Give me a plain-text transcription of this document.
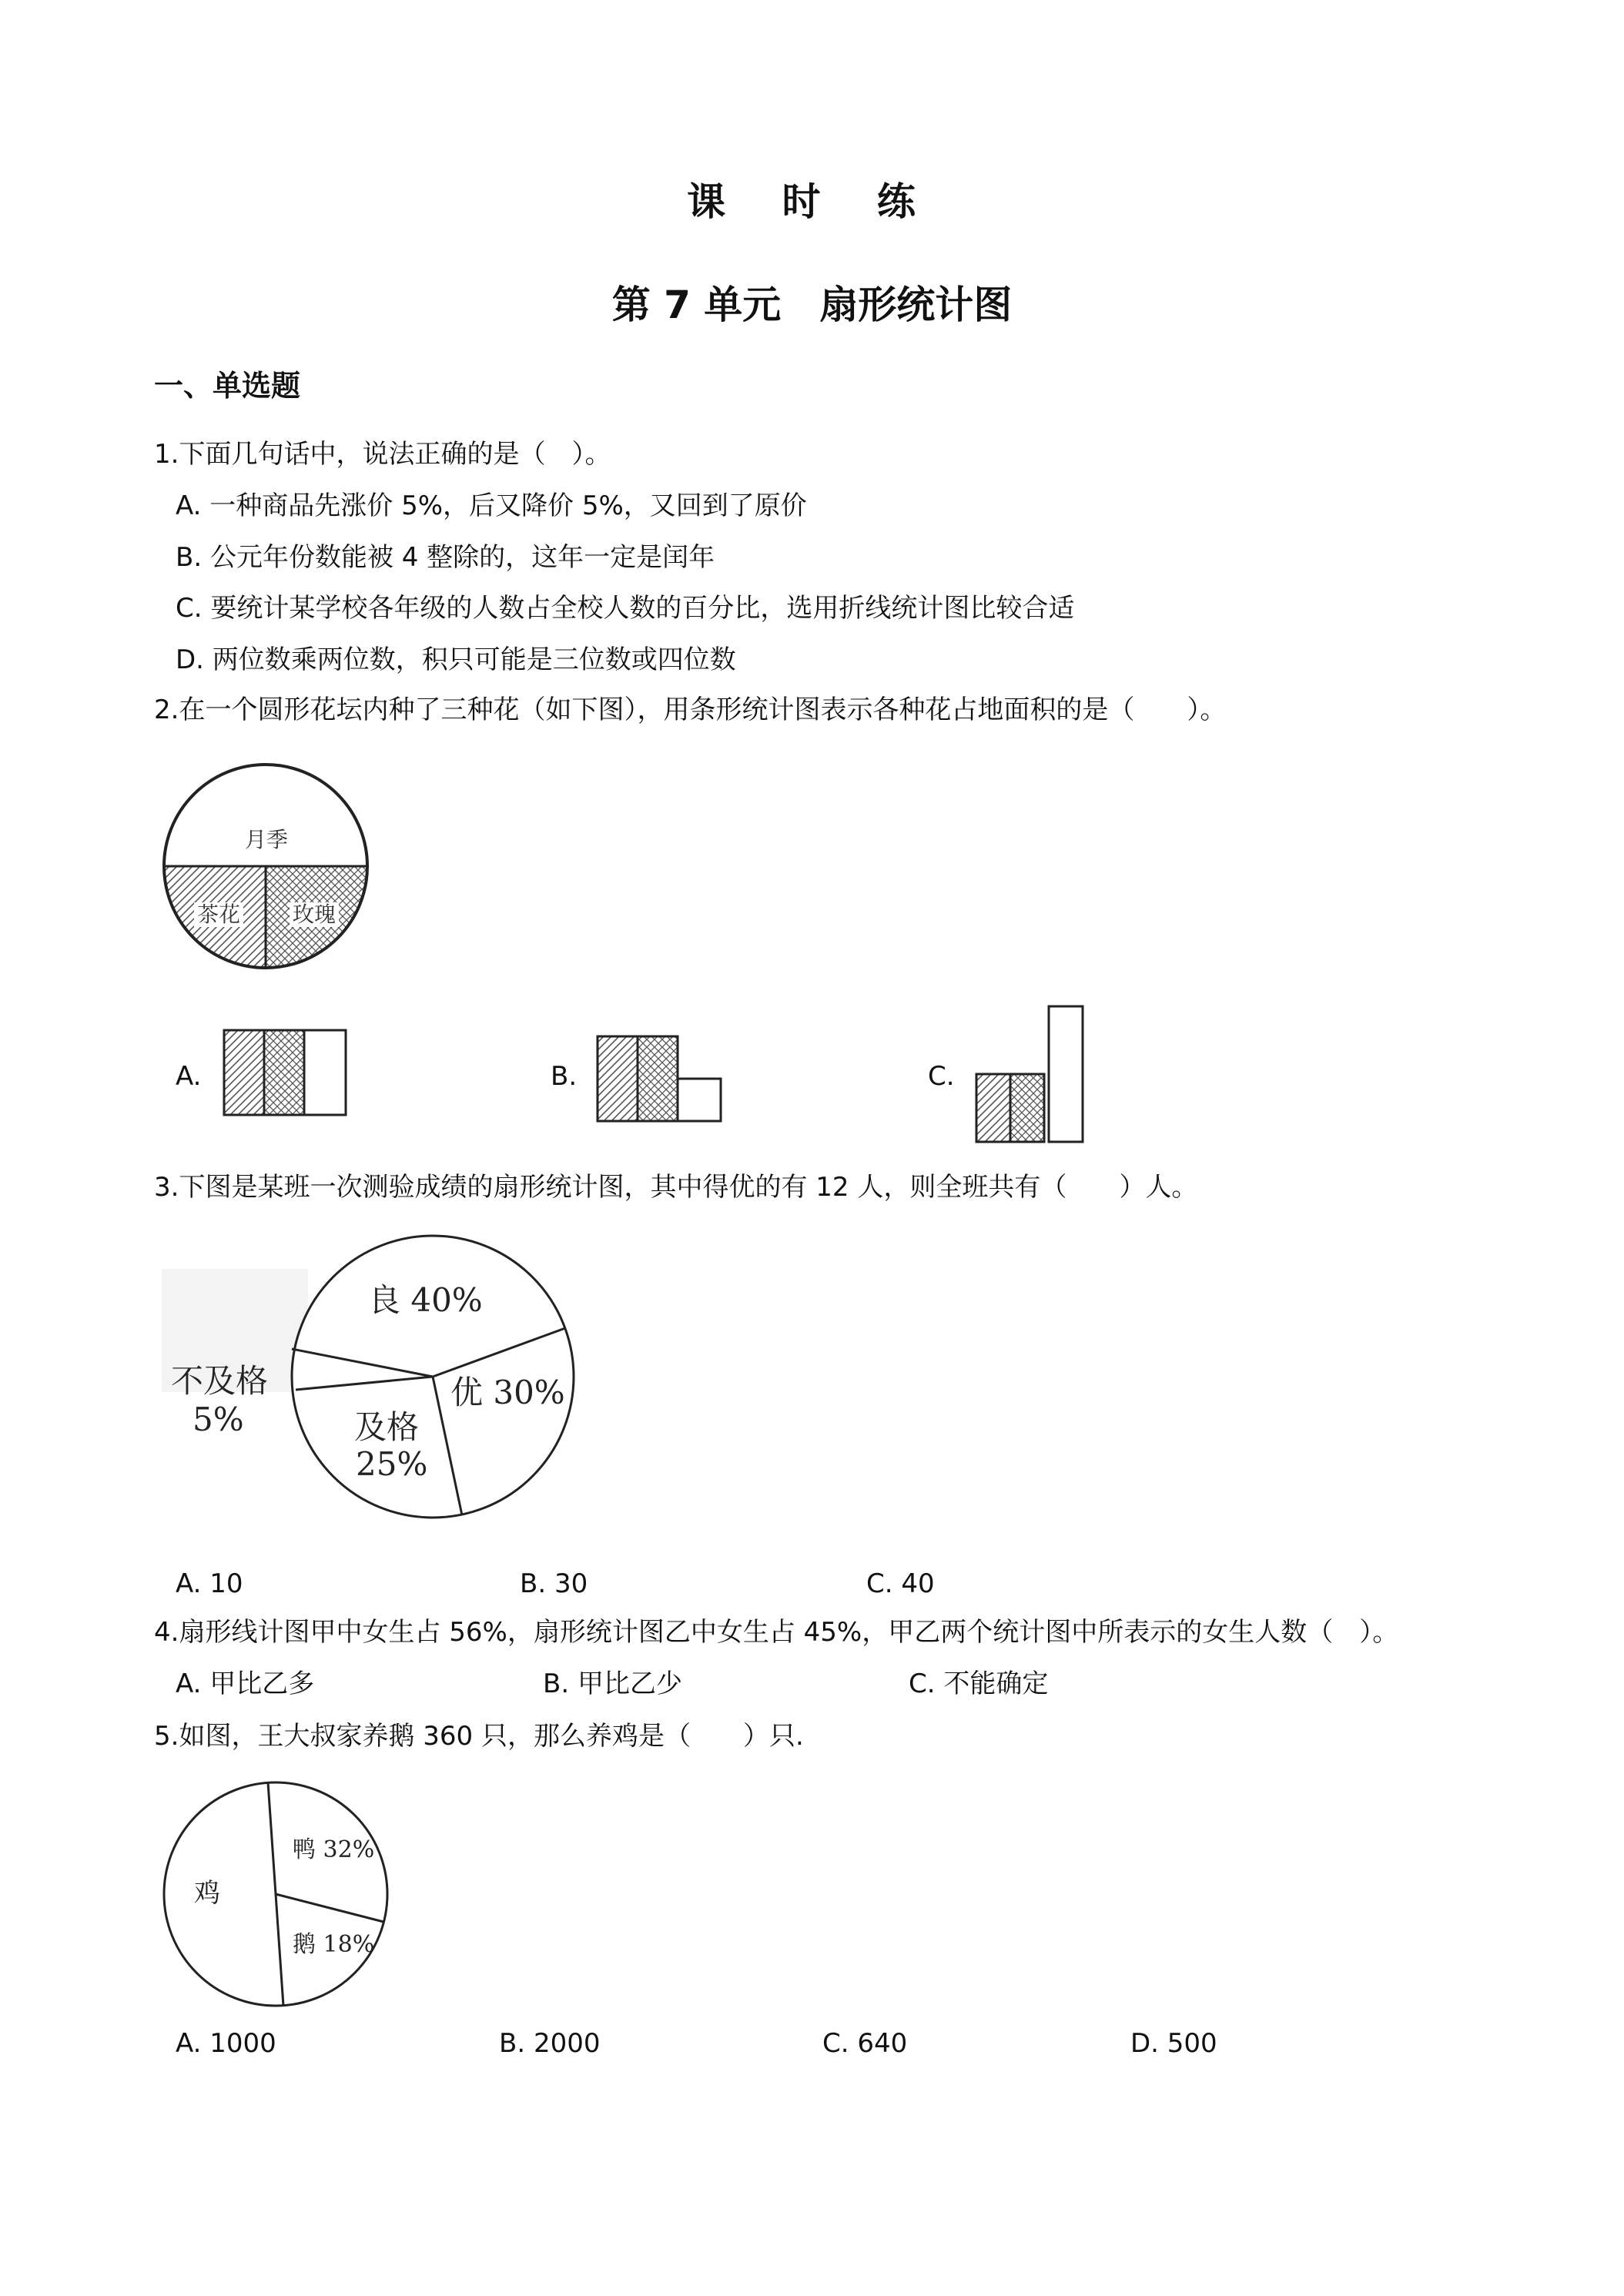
课 时 练
第 7 单元　扇形统计图
一、单选题
1.下面几句话中，说法正确的是（　）。
A. 一种商品先涨价 5%，后又降价 5%，又回到了原价
B. 公元年份数能被 4 整除的，这年一定是闰年
C. 要统计某学校各年级的人数占全校人数的百分比，选用折线统计图比较合适
D. 两位数乘两位数，积只可能是三位数或四位数
2.在一个圆形花坛内种了三种花（如下图），用条形统计图表示各种花占地面积的是（　　）。
月季
茶花 玫瑰
A.	B.	C.
3.下图是某班一次测验成绩的扇形统计图，其中得优的有 12 人，则全班共有（　　）人。
良 40%
优 30%
及格
25%
不及格
5%
A. 10	B. 30	C. 40
4.扇形线计图甲中女生占 56%，扇形统计图乙中女生占 45%，甲乙两个统计图中所表示的女生人数（　）。
A. 甲比乙多	B. 甲比乙少	C. 不能确定
5.如图，王大叔家养鹅 360 只，那么养鸡是（　　）只.
鸡
鸭 32%
鹅 18%
A. 1000	B. 2000	C. 640	D. 500
